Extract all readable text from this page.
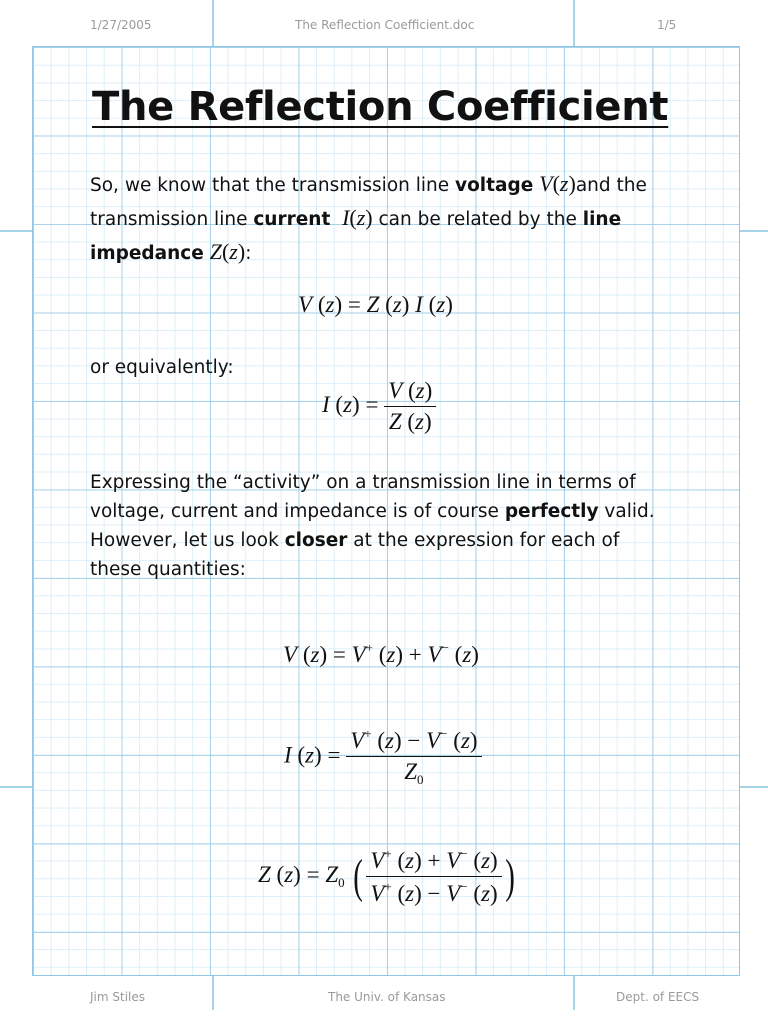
1/27/2005	The Reflection Coefficient.doc	1/5
The Reflection Coefficient
So, we know that the transmission line voltage V(z)and the
transmission line current I(z) can be related by the line
impedance Z(z):
V (z) = Z (z) I (z)
or equivalently:
I $(z) = \frac{V (z)}{Z (z)}$
Expressing the “activity” on a transmission line in terms of
voltage, current and impedance is of course perfectly valid.
However, let us look closer at the expression for each of
these quantities:
V (z) = V+ (z) + V− (z)
I $(z) = \frac{V^+ (z) - V^- (z)}{Z_0}$
Z $(z) = Z_0$ ( $\frac{V^+ (z) + V^- (z)}{V^+ (z) - V^- (z)}$ )
Jim Stiles	The Univ. of Kansas	Dept. of EECS
